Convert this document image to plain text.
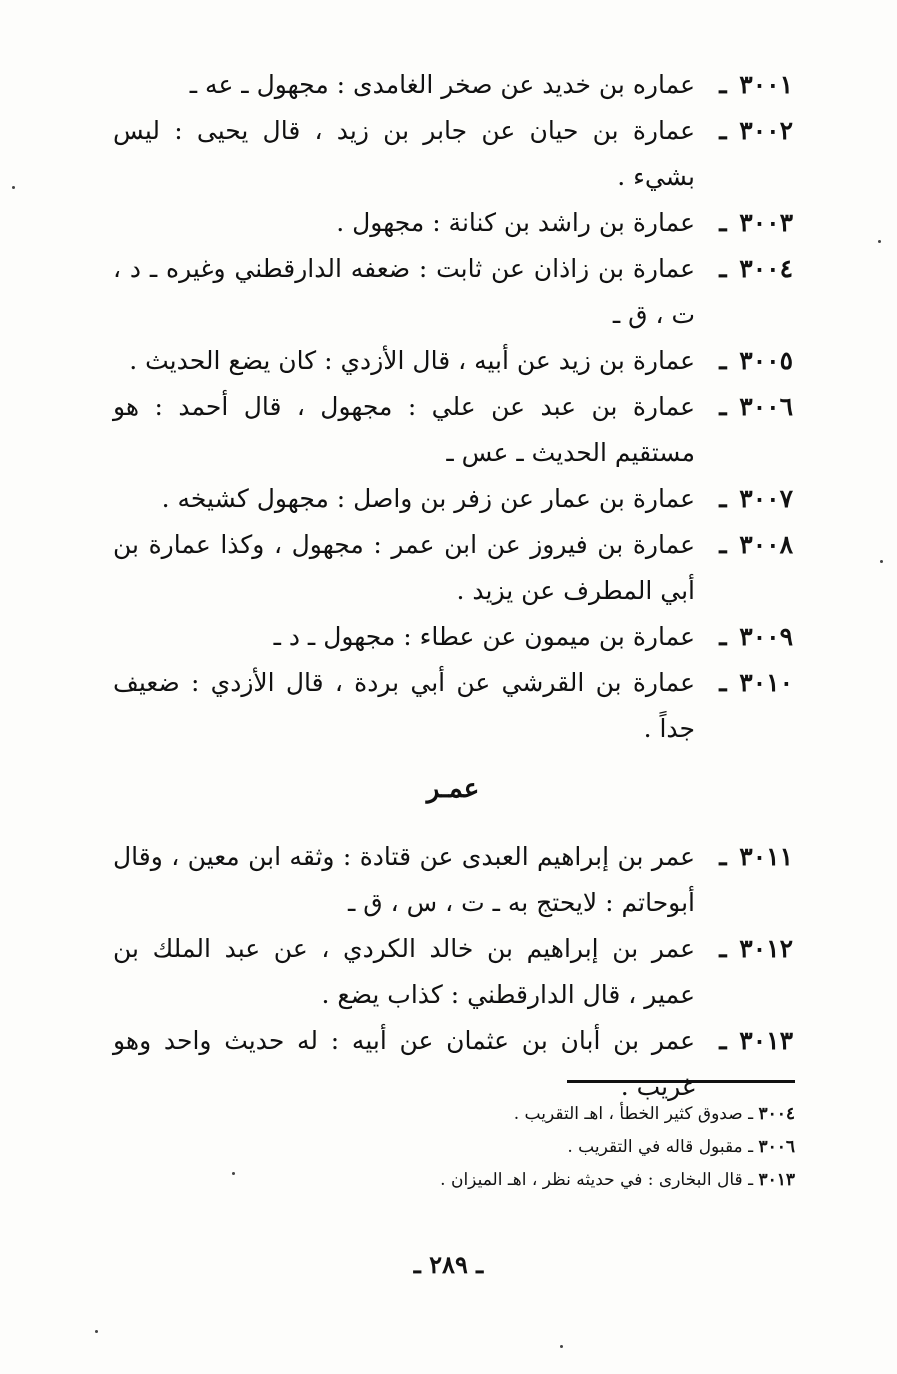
٣٠٠١ ـ
عماره بن خديد عن صخر الغامدى : مجهول ـ عه ـ
٣٠٠٢ ـ
عمارة بن حيان عن جابر بن زيد ، قال يحيى : ليس بشيء .
٣٠٠٣ ـ
عمارة بن راشد بن كنانة : مجهول .
٣٠٠٤ ـ
عمارة بن زاذان عن ثابت : ضعفه الدارقطني وغيره ـ د ، ت ، ق ـ
٣٠٠٥ ـ
عمارة بن زيد عن أبيه ، قال الأزدي : كان يضع الحديث .
٣٠٠٦ ـ
عمارة بن عبد عن علي : مجهول ، قال أحمد : هو مستقيم الحديث ـ عس ـ
٣٠٠٧ ـ
عمارة بن عمار عن زفر بن واصل : مجهول كشيخه .
٣٠٠٨ ـ
عمارة بن فيروز عن ابن عمر : مجهول ، وكذا عمارة بن أبي المطرف عن يزيد .
٣٠٠٩ ـ
عمارة بن ميمون عن عطاء : مجهول ـ د ـ
٣٠١٠ ـ
عمارة بن القرشي عن أبي بردة ، قال الأزدي : ضعيف جداً .
عمـر
٣٠١١ ـ
عمر بن إبراهيم العبدى عن قتادة : وثقه ابن معين ، وقال أبوحاتم : لايحتج به ـ ت ، س ، ق ـ
٣٠١٢ ـ
عمر بن إبراهيم بن خالد الكردي ، عن عبد الملك بن عمير ، قال الدارقطني : كذاب يضع .
٣٠١٣ ـ
عمر بن أبان بن عثمان عن أبيه : له حديث واحد وهو غريب .
٣٠٠٤ ـ صدوق كثير الخطأ ، اهـ التقريب .
٣٠٠٦ ـ مقبول قاله في التقريب .
٣٠١٣ ـ قال البخارى : في حديثه نظر ، اهـ الميزان .
ـ ٢٨٩ ـ
